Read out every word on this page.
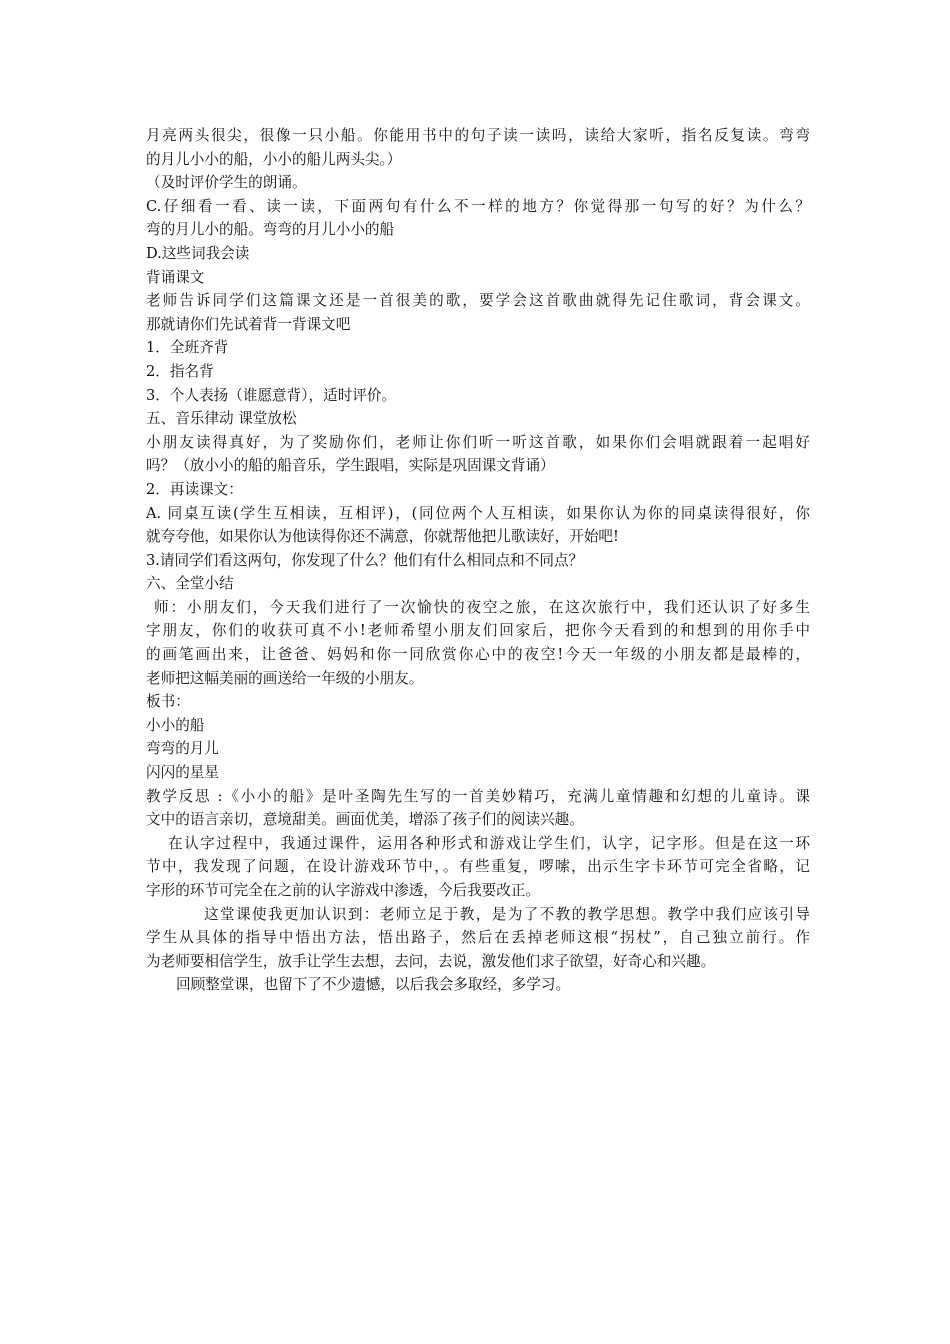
月亮两头很尖，很像一只小船。你能用书中的句子读一读吗，读给大家听，指名反复读。弯弯
的月儿小小的船，小小的船儿两头尖。）
（及时评价学生的朗诵。
C.仔细看一看、读一读，下面两句有什么不一样的地方？你觉得那一句写的好？为什么？
弯的月儿小的船。弯弯的月儿小小的船
D.这些词我会读
背诵课文
老师告诉同学们这篇课文还是一首很美的歌，要学会这首歌曲就得先记住歌词，背会课文。
那就请你们先试着背一背课文吧
1．全班齐背
2．指名背
3．个人表扬（谁愿意背），适时评价。
五、音乐律动 课堂放松
小朋友读得真好，为了奖励你们，老师让你们听一听这首歌，如果你们会唱就跟着一起唱好
吗？（放小小的船的船音乐，学生跟唱，实际是巩固课文背诵）
2．再读课文：
A. 同桌互读(学生互相读，互相评)，(同位两个人互相读，如果你认为你的同桌读得很好，你
就夸夸他，如果你认为他读得你还不满意，你就帮他把儿歌读好，开始吧!
3.请同学们看这两句，你发现了什么？他们有什么相同点和不同点？
六、全堂小结
师：小朋友们，今天我们进行了一次愉快的夜空之旅，在这次旅行中，我们还认识了好多生
字朋友，你们的收获可真不小!老师希望小朋友们回家后，把你今天看到的和想到的用你手中
的画笔画出来，让爸爸、妈妈和你一同欣赏你心中的夜空!今天一年级的小朋友都是最棒的，
老师把这幅美丽的画送给一年级的小朋友。
板书：
小小的船
弯弯的月儿
闪闪的星星
教学反思 :《小小的船》是叶圣陶先生写的一首美妙精巧，充满儿童情趣和幻想的儿童诗。课
文中的语言亲切，意境甜美。画面优美，增添了孩子们的阅读兴趣。
在认字过程中，我通过课件，运用各种形式和游戏让学生们，认字，记字形。但是在这一环
节中，我发现了问题，在设计游戏环节中，。有些重复，啰嗦，出示生字卡环节可完全省略，记
字形的环节可完全在之前的认字游戏中渗透，今后我要改正。
这堂课使我更加认识到：老师立足于教，是为了不教的教学思想。教学中我们应该引导
学生从具体的指导中悟出方法，悟出路子，然后在丢掉老师这根“拐杖”，自己独立前行。作
为老师要相信学生，放手让学生去想，去问，去说，激发他们求子欲望，好奇心和兴趣。
回顾整堂课，也留下了不少遗憾，以后我会多取经，多学习。
